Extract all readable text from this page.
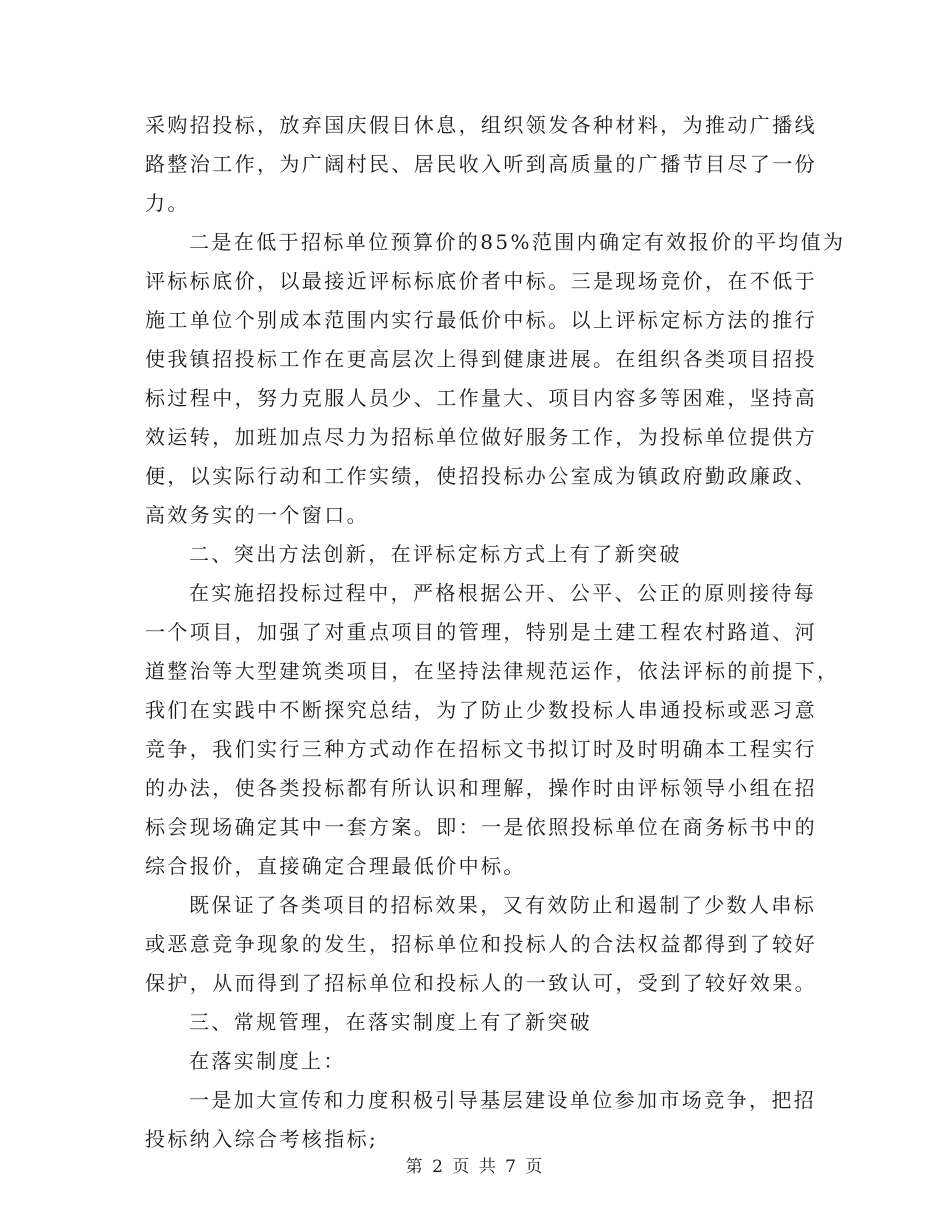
采购招投标，放弃国庆假日休息，组织领发各种材料，为推动广播线
路整治工作，为广阔村民、居民收入听到高质量的广播节目尽了一份
力。
二是在低于招标单位预算价的85%范围内确定有效报价的平均值为
评标标底价，以最接近评标标底价者中标。三是现场竞价，在不低于
施工单位个别成本范围内实行最低价中标。以上评标定标方法的推行
使我镇招投标工作在更高层次上得到健康进展。在组织各类项目招投
标过程中，努力克服人员少、工作量大、项目内容多等困难，坚持高
效运转，加班加点尽力为招标单位做好服务工作，为投标单位提供方
便，以实际行动和工作实绩，使招投标办公室成为镇政府勤政廉政、
高效务实的一个窗口。
二、突出方法创新，在评标定标方式上有了新突破
在实施招投标过程中，严格根据公开、公平、公正的原则接待每
一个项目，加强了对重点项目的管理，特别是土建工程农村路道、河
道整治等大型建筑类项目，在坚持法律规范运作，依法评标的前提下，
我们在实践中不断探究总结，为了防止少数投标人串通投标或恶习意
竞争，我们实行三种方式动作在招标文书拟订时及时明确本工程实行
的办法，使各类投标都有所认识和理解，操作时由评标领导小组在招
标会现场确定其中一套方案。即：一是依照投标单位在商务标书中的
综合报价，直接确定合理最低价中标。
既保证了各类项目的招标效果，又有效防止和遏制了少数人串标
或恶意竞争现象的发生，招标单位和投标人的合法权益都得到了较好
保护，从而得到了招标单位和投标人的一致认可，受到了较好效果。
三、常规管理，在落实制度上有了新突破
在落实制度上：
一是加大宣传和力度积极引导基层建设单位参加市场竞争，把招
投标纳入综合考核指标;
第 2 页 共 7 页
